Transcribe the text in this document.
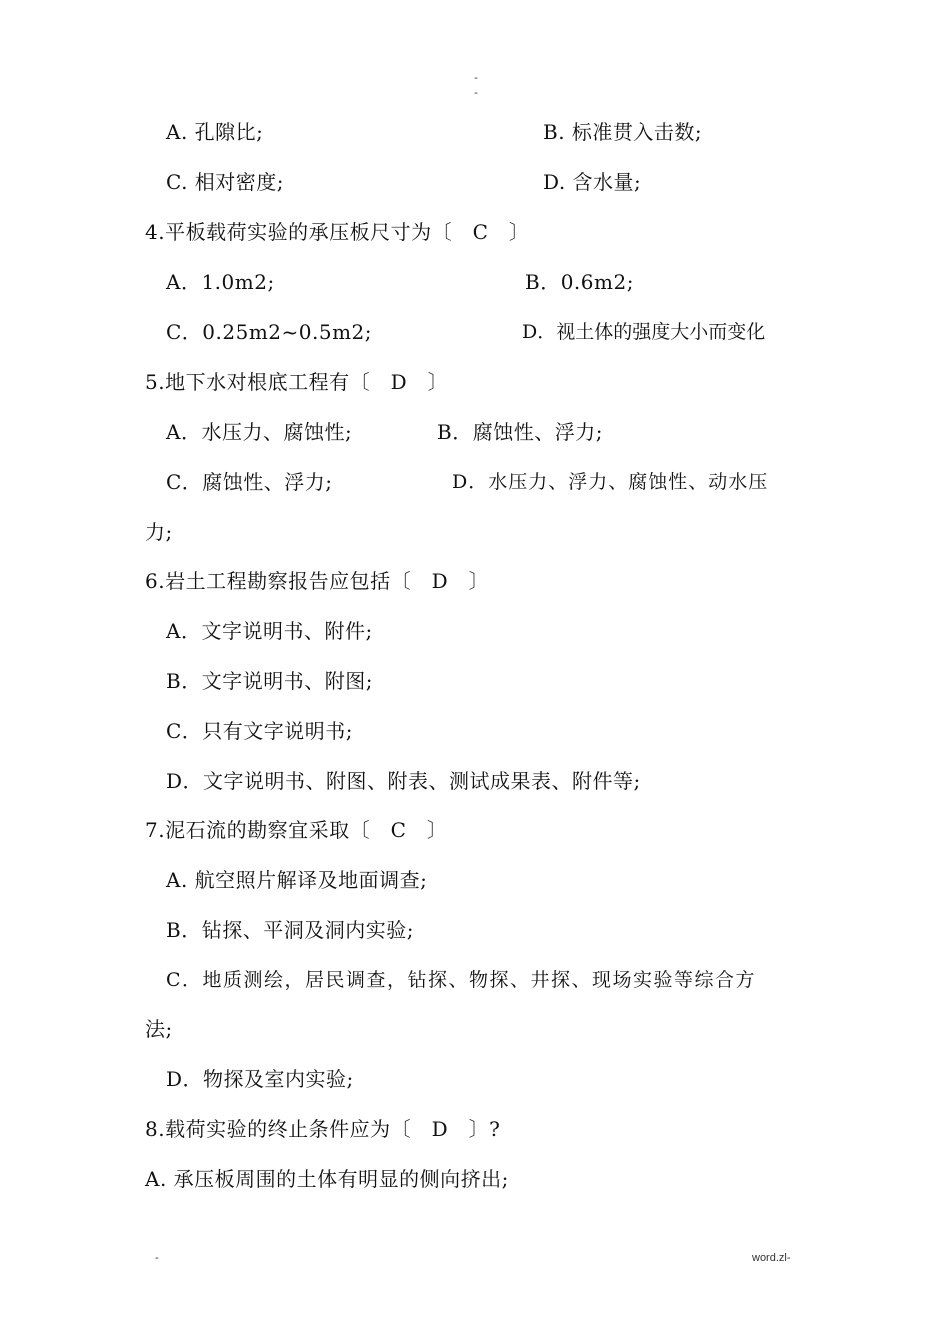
-
-
A. 孔隙比;	B. 标准贯入击数;
C. 相对密度;	D. 含水量;
4.平板载荷实验的承压板尺寸为〔　C　〕
A．1.0m2;	B．0.6m2;
C．0.25m2~0.5m2;	D．视土体的强度大小而变化
5.地下水对根底工程有〔　D　〕
A．水压力、腐蚀性;	B．腐蚀性、浮力;
C．腐蚀性、浮力;	D．水压力、浮力、腐蚀性、动水压
力;
6.岩土工程勘察报告应包括〔　D　〕
A．文字说明书、附件;
B．文字说明书、附图;
C．只有文字说明书;
D．文字说明书、附图、附表、测试成果表、附件等;
7.泥石流的勘察宜采取〔　C　〕
A. 航空照片解译及地面调查;
B．钻探、平洞及洞内实验;
C．地质测绘，居民调查，钻探、物探、井探、现场实验等综合方
法;
D．物探及室内实验;
8.载荷实验的终止条件应为〔　D　〕?
A. 承压板周围的土体有明显的侧向挤出;
-	word.zl-
